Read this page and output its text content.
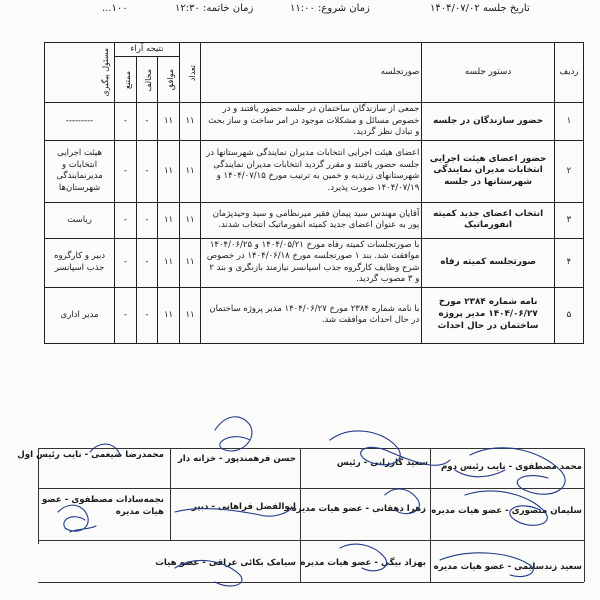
تاریخ جلسه ۱۴۰۴/۰۷/۰۲
زمان شروع: ۱۱:۰۰
زمان خاتمه: ۱۲:۳۰
...۱۰۰
ردیف	دستور جلسه	صورتجلسه	تعداد	نتیجه آراء			مسئول پیگیری

				موافق	مخالف	ممتنع	

۱	حضور سازندگان در جلسه	جمعی از سازندگان ساختمان در جلسه حضور یافتند و در خصوص مسائل و مشکلات موجود در امر ساخت و ساز بحث و تبادل نظر گردید.	۱۱	۱۱	-	-	---------
۲	حضور اعضای هیئت اجرایی انتخابات مدیران نمایندگی شهرستانها در جلسه	اعضای هیئت اجرایی انتخابات مدیران نمایندگی شهرستانها در جلسه حضور یافتند و مقرر گردید انتخابات مدیران نمایندگی شهرستانهای زرندیه و خمین به ترتیب مورخ ۱۴۰۴/۰۷/۱۵ و ۱۴۰۴/۰۷/۱۹ صورت پذیرد.	۱۱	۱۱	-	-	هیئت اجرایی انتخابات و مدیرنمایندگی شهرستان‌ها
۳	انتخاب اعضای جدید کمیته انفورماتیک	آقایان مهندس سید پیمان فقیر میرنظامی و سید وحیدپژمان پور به عنوان اعضای جدید کمیته انفورماتیک انتخاب شدند.	۱۱	۱۱	-	-	ریاست
۴	صورتجلسه کمیته رفاه	با صورتجلسات کمیته رفاه مورخ ۱۴۰۴/۰۵/۲۱ و ۱۴۰۴/۰۶/۲۵ موافقت شد. بند ۱ صورتجلسه مورخ ۱۴۰۴/۰۶/۱۸ در خصوص شرح وظایف کارگروه جذب اسپانسر نیازمند بازنگری و بند ۲ و ۳ مصوب گردید.	۱۱	۱۱	-	-	دبیر و کارگروه جذب اسپانسر
۵	نامه شماره ۲۳۸۴ مورخ ۱۴۰۴/۰۶/۲۷ مدیر پروژه ساختمان در حال احداث	با نامه شماره ۲۳۸۴ مورخ ۱۴۰۴/۰۶/۲۷ مدیر پروژه ساختمان در حال احداث موافقت شد.	۱۱	۱۱	-	-	مدیر اداری
محمد مصطفوی - نایب رئیس دوم
سعید گازرانی - رئیس
حسن فرهمندپور - خزانه دار
محمدرضا ضیغمی - نایب رئیس اول
سلیمان منصوری - عضو هیات مدیره
زهرا دهقانی - عضو هیات مدیره
ابوالفضل فراهانی - دبیر
نجمه‌سادات مصطفوی - عضو هیات مدیره
سعید زندسلیمی - عضو هیات مدیره
بهزاد بیگی - عضو هیات مدیره
سیامک بکائی عراقی - عضو هیات
